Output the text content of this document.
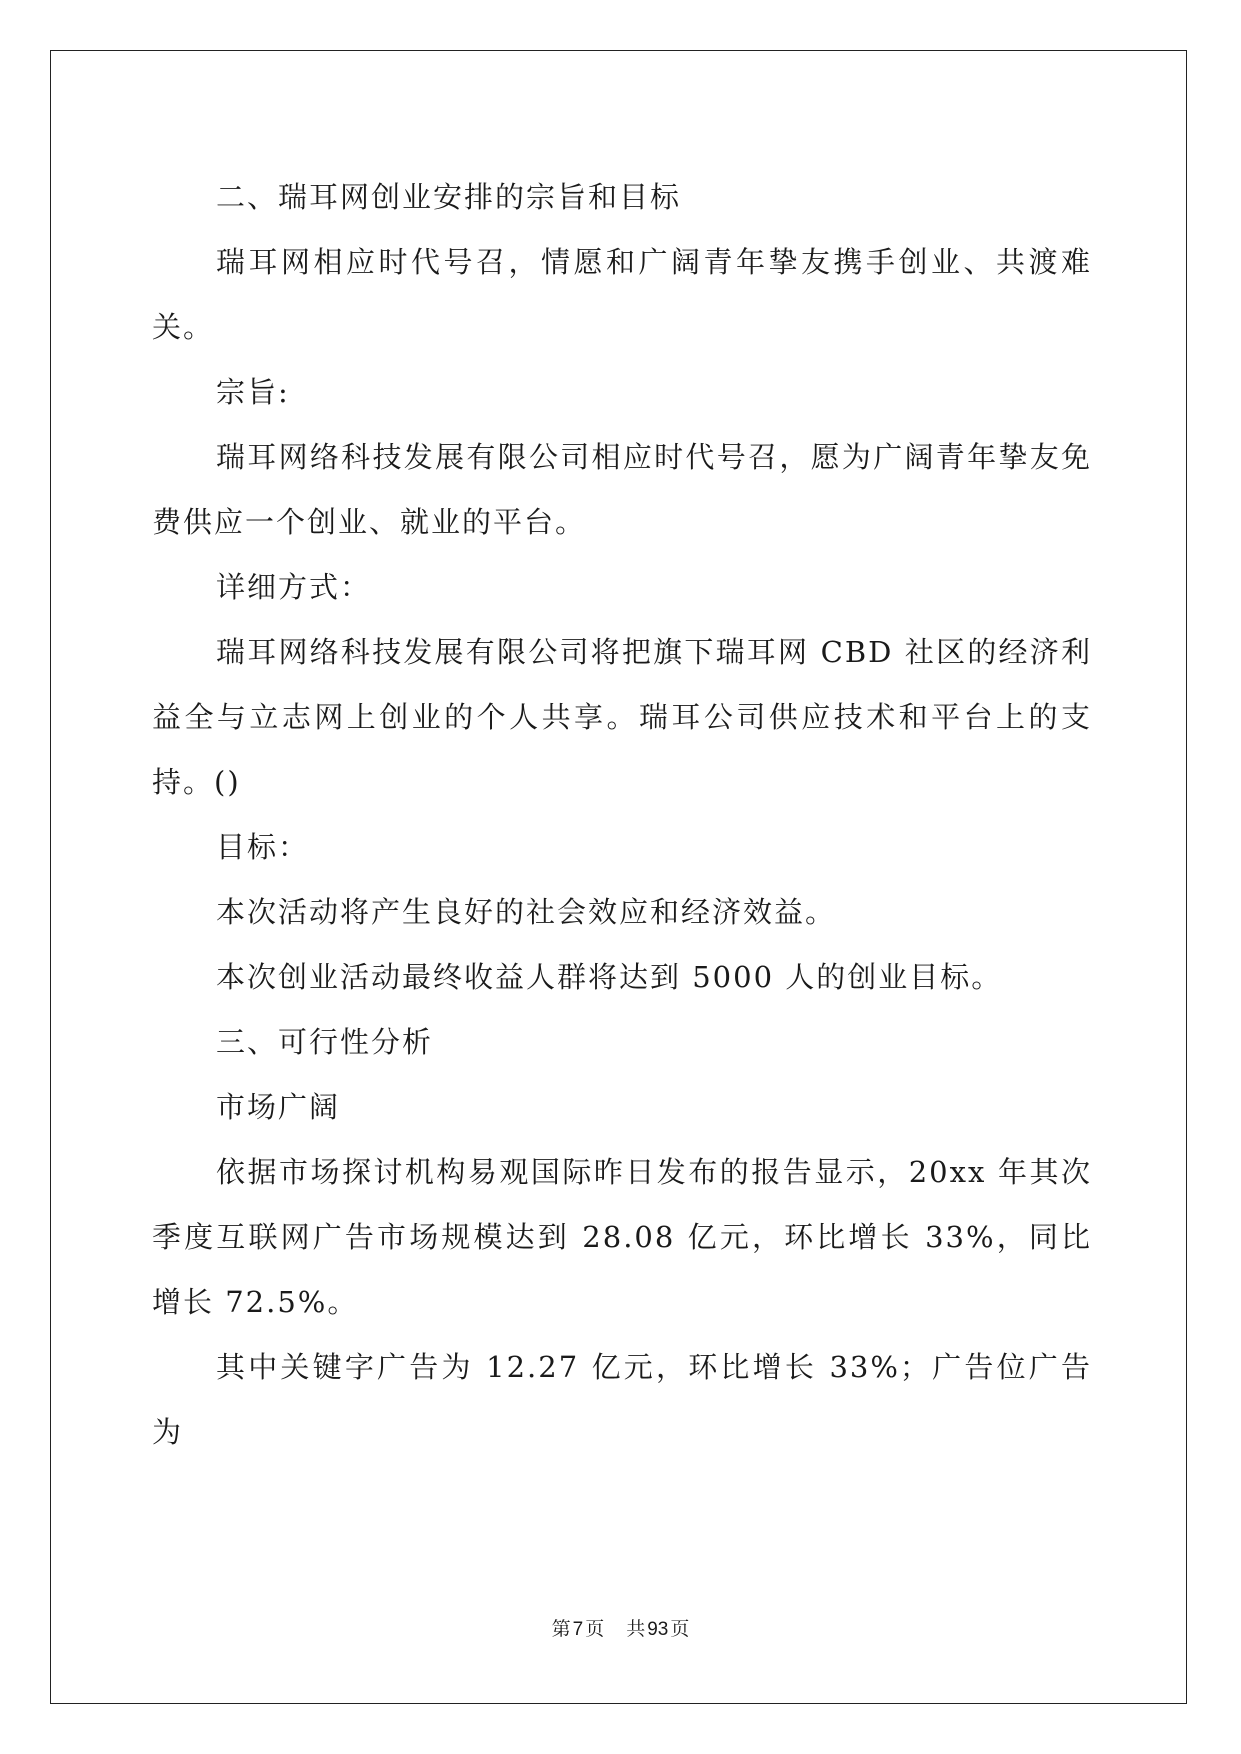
二、瑞耳网创业安排的宗旨和目标

瑞耳网相应时代号召，情愿和广阔青年挚友携手创业、共渡难关。

宗旨:

瑞耳网络科技发展有限公司相应时代号召，愿为广阔青年挚友免费供应一个创业、就业的平台。

详细方式：

瑞耳网络科技发展有限公司将把旗下瑞耳网 CBD 社区的经济利益全与立志网上创业的个人共享。瑞耳公司供应技术和平台上的支持。()

目标：

本次活动将产生良好的社会效应和经济效益。

本次创业活动最终收益人群将达到 5000 人的创业目标。

三、可行性分析

市场广阔

依据市场探讨机构易观国际昨日发布的报告显示，20xx 年其次季度互联网广告市场规模达到 28.08 亿元，环比增长 33%，同比增长 72.5%。

其中关键字广告为 12.27 亿元，环比增长 33%；广告位广告为

第 7 页 共 93 页
